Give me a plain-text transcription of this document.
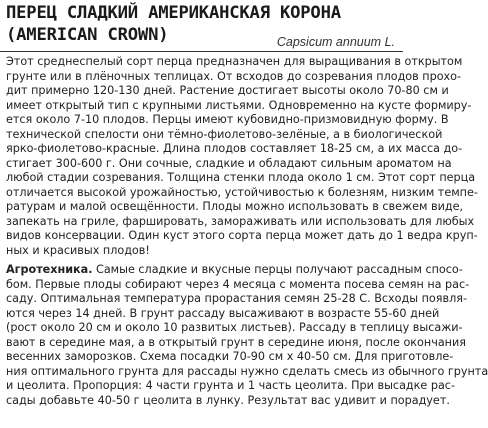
ПЕРЕЦ СЛАДКИЙ АМЕРИКАНСКАЯ КОРОНА
(AMERICAN CROWN)	Capsicum annuum L.
Этот среднеспелый сорт перца предназначен для выращивания в открытом
грунте или в плёночных теплицах. От всходов до созревания плодов прохо-
дит примерно 120-130 дней. Растение достигает высоты около 70-80 см и
имеет открытый тип с крупными листьями. Одновременно на кусте формиру-
ется около 7-10 плодов. Перцы имеют кубовидно-призмовидную форму. В
технической спелости они тёмно-фиолетово-зелёные, а в биологической
ярко-фиолетово-красные. Длина плодов составляет 18-25 см, а их масса до-
стигает 300-600 г. Они сочные, сладкие и обладают сильным ароматом на
любой стадии созревания. Толщина стенки плода около 1 см. Этот сорт перца
отличается высокой урожайностью, устойчивостью к болезням, низким темпе-
ратурам и малой освещённости. Плоды можно использовать в свежем виде,
запекать на гриле, фаршировать, замораживать или использовать для любых
видов консервации. Один куст этого сорта перца может дать до 1 ведра круп-
ных и красивых плодов!
Агротехника. Самые сладкие и вкусные перцы получают рассадным спосо-
бом. Первые плоды собирают через 4 месяца с момента посева семян на рас-
саду. Оптимальная температура прорастания семян 25-28 С. Всходы появля-
ются через 14 дней. В грунт рассаду высаживают в возрасте 55-60 дней
(рост около 20 см и около 10 развитых листьев). Рассаду в теплицу высажи-
вают в середине мая, а в открытый грунт в середине июня, после окончания
весенних заморозков. Схема посадки 70-90 см х 40-50 см. Для приготовле-
ния оптимального грунта для рассады нужно сделать смесь из обычного грунта
и цеолита. Пропорция: 4 части грунта и 1 часть цеолита. При высадке рас-
сады добавьте 40-50 г цеолита в лунку. Результат вас удивит и порадует.
